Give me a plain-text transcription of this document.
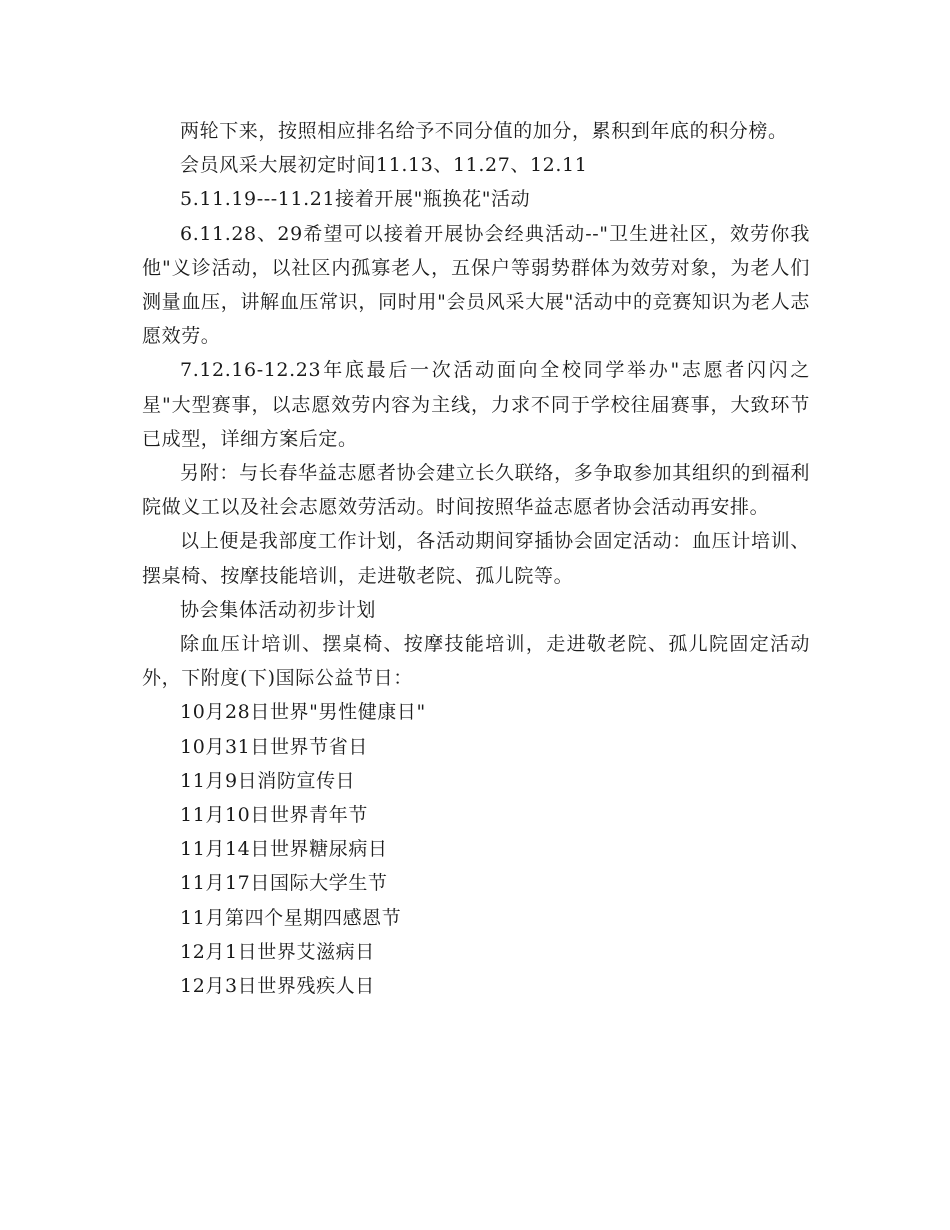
两轮下来，按照相应排名给予不同分值的加分，累积到年底的积分榜。

会员风采大展初定时间11.13、11.27、12.11

5.11.19---11.21接着开展"瓶换花"活动

6.11.28、29希望可以接着开展协会经典活动--"卫生进社区，效劳你我他"义诊活动，以社区内孤寡老人，五保户等弱势群体为效劳对象，为老人们测量血压，讲解血压常识，同时用"会员风采大展"活动中的竞赛知识为老人志愿效劳。

7.12.16-12.23年底最后一次活动面向全校同学举办"志愿者闪闪之星"大型赛事，以志愿效劳内容为主线，力求不同于学校往届赛事，大致环节已成型，详细方案后定。

另附：与长春华益志愿者协会建立长久联络，多争取参加其组织的到福利院做义工以及社会志愿效劳活动。时间按照华益志愿者协会活动再安排。

以上便是我部度工作计划，各活动期间穿插协会固定活动：血压计培训、摆桌椅、按摩技能培训，走进敬老院、孤儿院等。

协会集体活动初步计划

除血压计培训、摆桌椅、按摩技能培训，走进敬老院、孤儿院固定活动外，下附度(下)国际公益节日：

10月28日世界"男性健康日"

10月31日世界节省日

11月9日消防宣传日

11月10日世界青年节

11月14日世界糖尿病日

11月17日国际大学生节

11月第四个星期四感恩节

12月1日世界艾滋病日

12月3日世界残疾人日
